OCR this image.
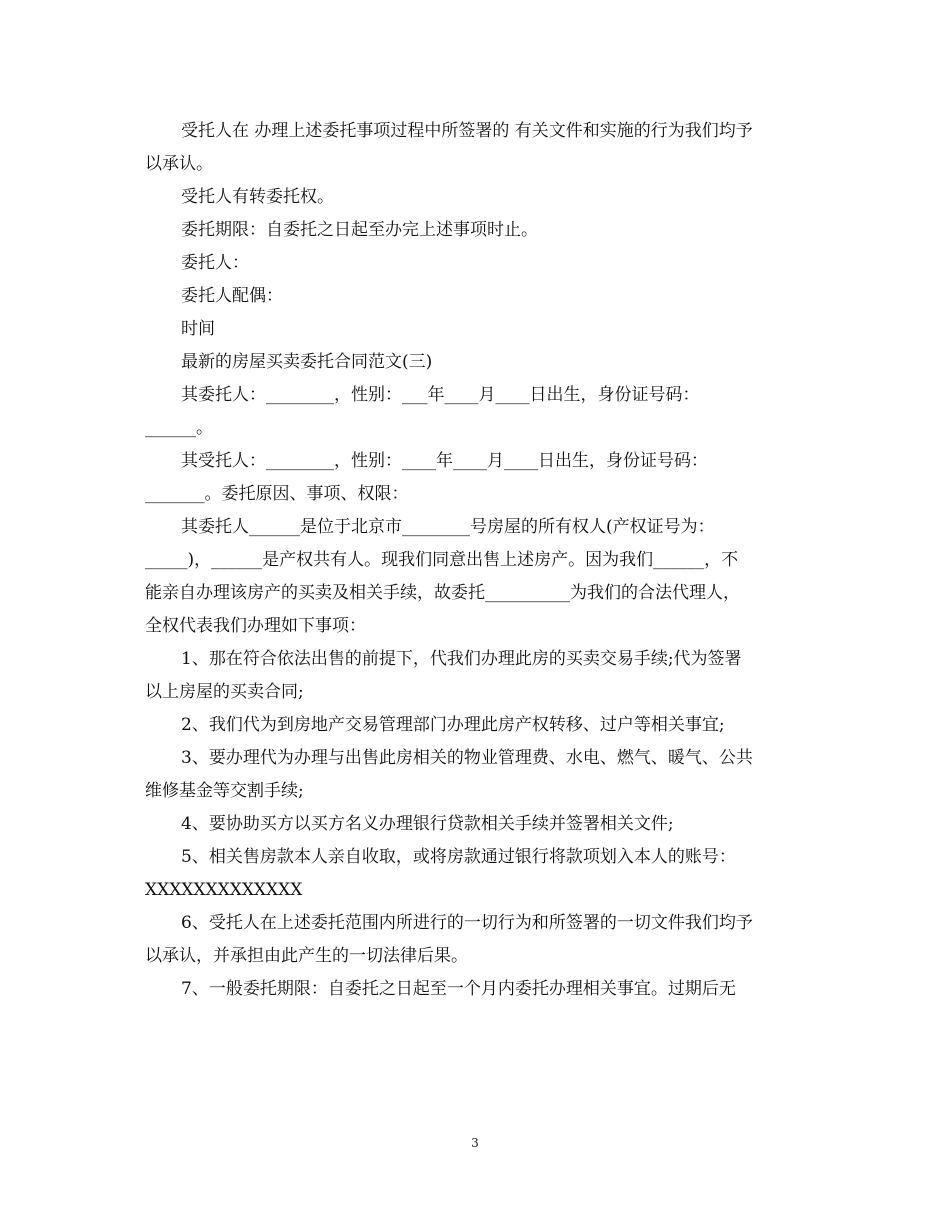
受托人在 办理上述委托事项过程中所签署的 有关文件和实施的行为我们均予
以承认。

受托人有转委托权。

委托期限：自委托之日起至办完上述事项时止。

委托人：

委托人配偶：

时间

最新的房屋买卖委托合同范文(三)

其委托人：________，性别：___年____月____日出生，身份证号码：
______。

其受托人：________，性别：____年____月____日出生，身份证号码：
_______。委托原因、事项、权限：

其委托人______是位于北京市________号房屋的所有权人(产权证号为：
_____)，______是产权共有人。现我们同意出售上述房产。因为我们______，不
能亲自办理该房产的买卖及相关手续，故委托__________为我们的合法代理人，
全权代表我们办理如下事项：

1、那在符合依法出售的前提下，代我们办理此房的买卖交易手续;代为签署
以上房屋的买卖合同;

2、我们代为到房地产交易管理部门办理此房产权转移、过户等相关事宜;

3、要办理代为办理与出售此房相关的物业管理费、水电、燃气、暖气、公共
维修基金等交割手续;

4、要协助买方以买方名义办理银行贷款相关手续并签署相关文件;

5、相关售房款本人亲自收取，或将房款通过银行将款项划入本人的账号：
XXXXXXXXXXXXX

6、受托人在上述委托范围内所进行的一切行为和所签署的一切文件我们均予
以承认，并承担由此产生的一切法律后果。

7、一般委托期限：自委托之日起至一个月内委托办理相关事宜。过期后无

3
